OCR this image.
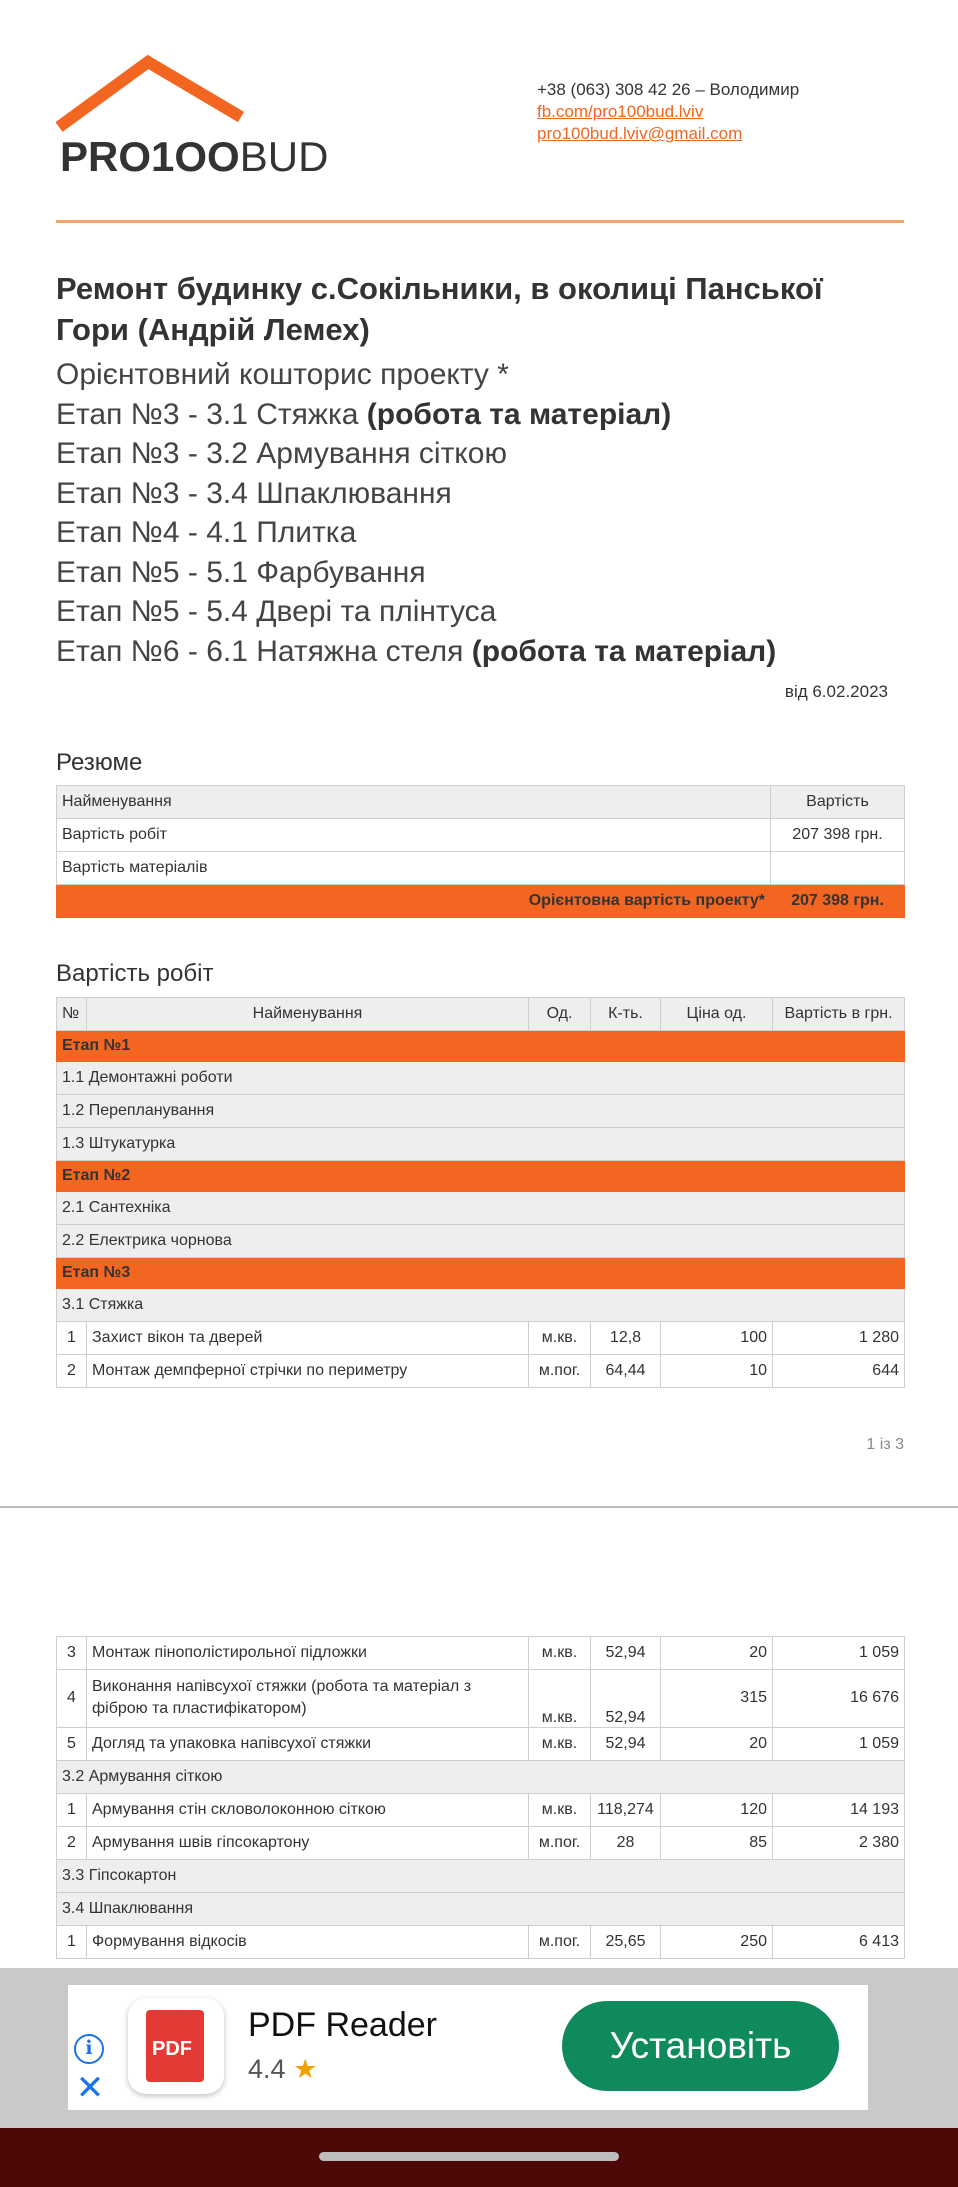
PRO1OOBUD
+38 (063) 308 42 26 – Володимир
fb.com/pro100bud.lviv
pro100bud.lviv@gmail.com
Ремонт будинку с.Сокільники, в околиці Панської Гори (Андрій Лемех)
Орієнтовний кошторис проекту *
Етап №3 - 3.1 Стяжка (робота та матеріал)
Етап №3 - 3.2 Армування сіткою
Етап №3 - 3.4 Шпаклювання
Етап №4 - 4.1 Плитка
Етап №5 - 5.1 Фарбування
Етап №5 - 5.4 Двері та плінтуса
Етап №6 - 6.1 Натяжна стеля (робота та матеріал)
від 6.02.2023
Резюме
Найменування	Вартість
Вартість робіт	207 398 грн.
Вартість матеріалів	
Орієнтовна вартість проекту*	207 398 грн.
Вартість робіт
№	Найменування	Од.	К-ть.	Ціна од.	Вартість в грн.
Етап №1					
1.1 Демонтажні роботи					
1.2 Перепланування					
1.3 Штукатурка					
Етап №2					
2.1 Сантехніка					
2.2 Електрика чорнова					
Етап №3					
3.1 Стяжка					
1	Захист вікон та дверей	м.кв.	12,8	100	1 280
2	Монтаж демпферної стрічки по периметру	м.пог.	64,44	10	644
1 із 3
3	Монтаж пінополістирольної підложки	м.кв.	52,94	20	1 059
4	Виконання напівсухої стяжки (робота та матеріал з фіброю та пластифікатором)	м.кв.	52,94	315	16 676
5	Догляд та упаковка напівсухої стяжки	м.кв.	52,94	20	1 059
3.2 Армування сіткою					
1	Армування стін скловолоконною сіткою	м.кв.	118,274	120	14 193
2	Армування швів гіпсокартону	м.пог.	28	85	2 380
3.3 Гіпсокартон					
3.4 Шпаклювання					
1	Формування відкосів	м.пог.	25,65	250	6 413
i
✕
PDF
PDF Reader
4.4 ★
Установіть
